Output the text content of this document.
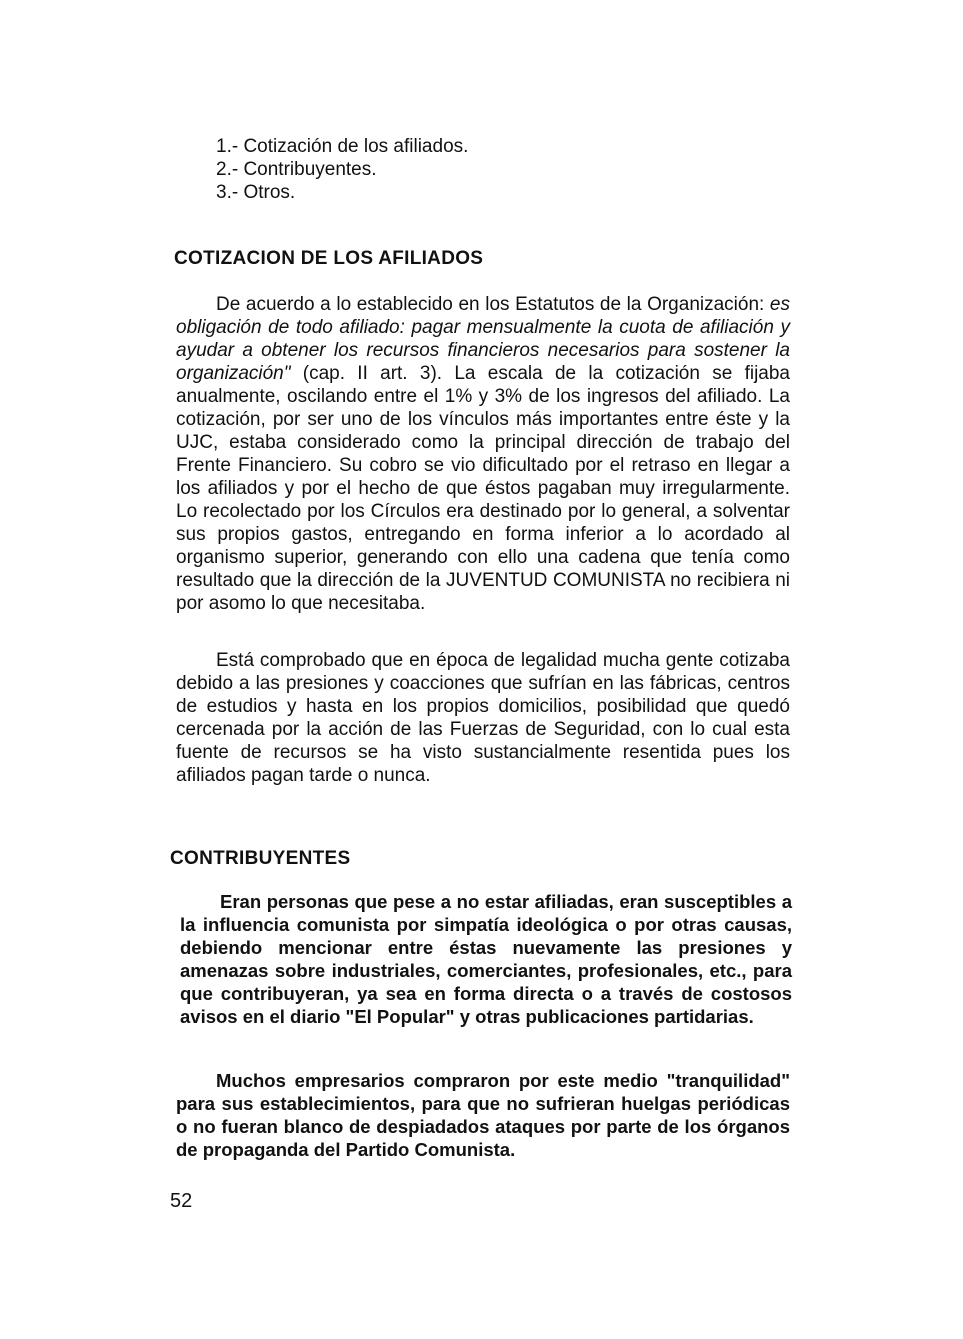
1.- Cotización de los afiliados.
2.- Contribuyentes.
3.- Otros.
COTIZACION DE LOS AFILIADOS
De acuerdo a lo establecido en los Estatutos de la Organización: es obligación de todo afiliado: pagar mensualmente la cuota de afiliación y ayudar a obtener los recursos financieros necesarios para sostener la organización" (cap. II art. 3). La escala de la cotización se fijaba anualmente, oscilando entre el 1% y 3% de los ingresos del afiliado. La cotización, por ser uno de los vínculos más importantes entre éste y la UJC, estaba considerado como la principal dirección de trabajo del Frente Financiero. Su cobro se vio dificultado por el retraso en llegar a los afiliados y por el hecho de que éstos pagaban muy irregularmente. Lo recolectado por los Círculos era destinado por lo general, a solventar sus propios gastos, entregando en forma inferior a lo acordado al organismo superior, generando con ello una cadena que tenía como resultado que la dirección de la JUVENTUD COMUNISTA no recibiera ni por asomo lo que necesitaba.
Está comprobado que en época de legalidad mucha gente cotizaba debido a las presiones y coacciones que sufrían en las fábricas, centros de estudios y hasta en los propios domicilios, posibilidad que quedó cercenada por la acción de las Fuerzas de Seguridad, con lo cual esta fuente de recursos se ha visto sustancialmente resentida pues los afiliados pagan tarde o nunca.
CONTRIBUYENTES
Eran personas que pese a no estar afiliadas, eran susceptibles a la influencia comunista por simpatía ideológica o por otras causas, debiendo mencionar entre éstas nuevamente las presiones y amenazas sobre industriales, comerciantes, profesionales, etc., para que contribuyeran, ya sea en forma directa o a través de costosos avisos en el diario "El Popular" y otras publicaciones partidarias.
Muchos empresarios compraron por este medio "tranquilidad" para sus establecimientos, para que no sufrieran huelgas periódicas o no fueran blanco de despiadados ataques por parte de los órganos de propaganda del Partido Comunista.
52
